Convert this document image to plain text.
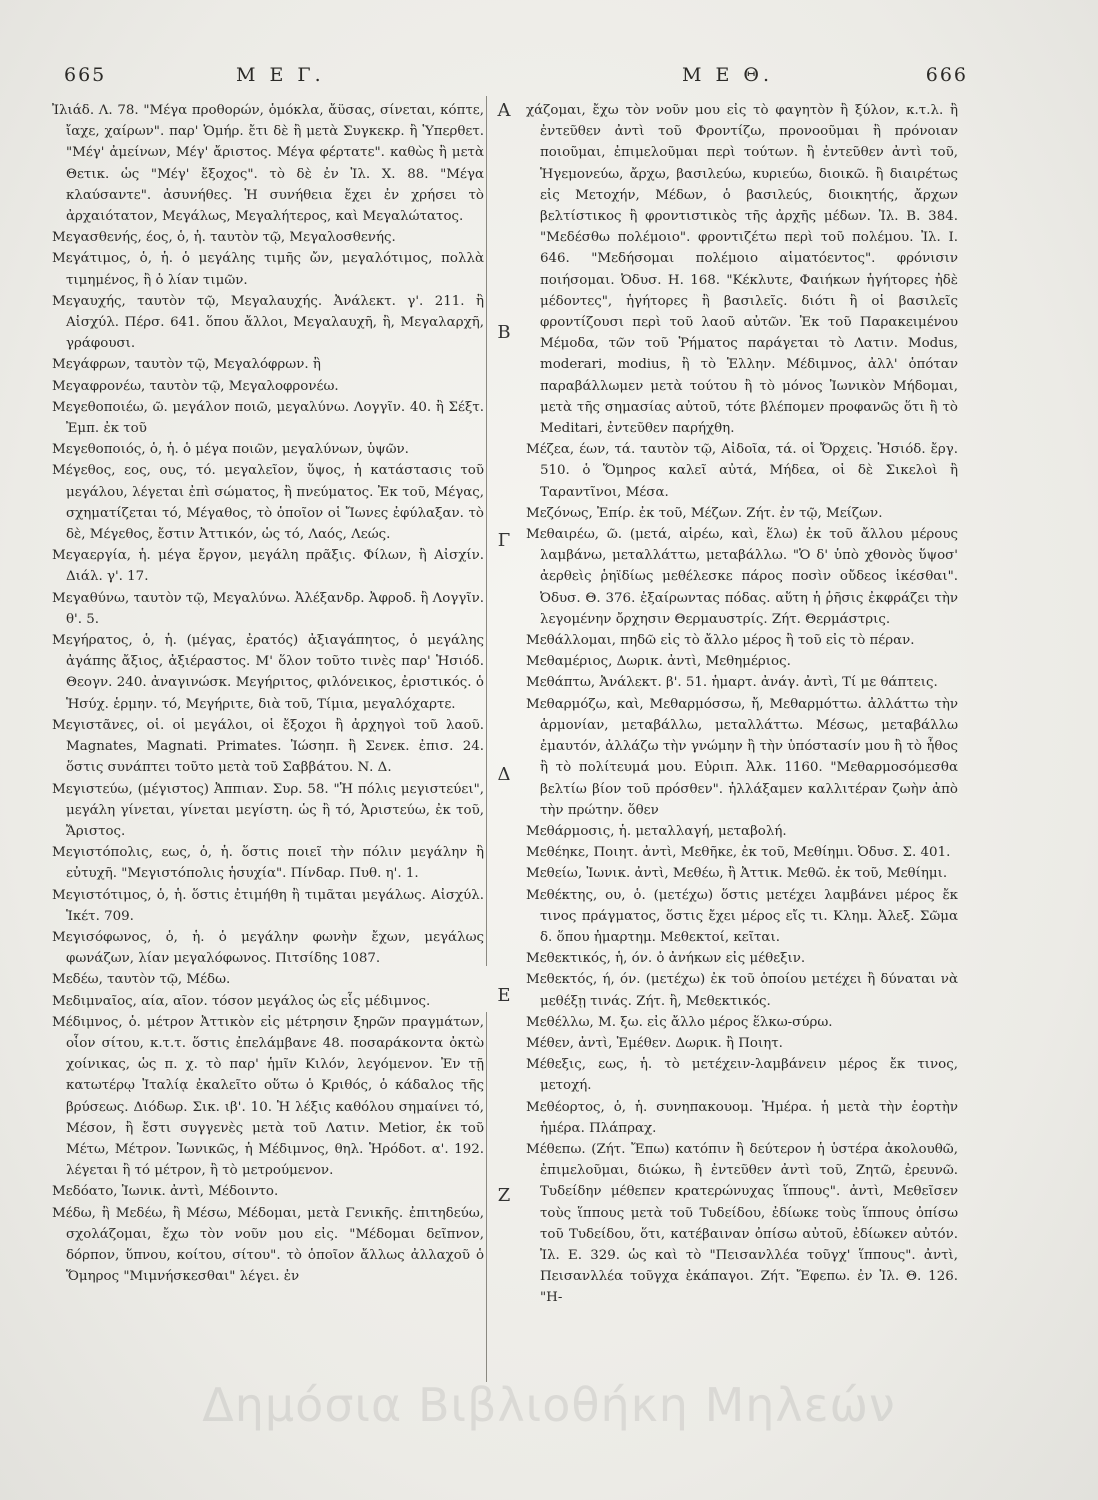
665	Μ Ε Γ.	Μ Ε Θ.	666

Ἰλιάδ. Λ. 78. "Μέγα προθορών, ὁμόκλα, ἄϋσας, σίνεται, κόπτε, ἴαχε, χαίρων". παρ' Ὁμήρ. ἔτι δὲ ἢ μετὰ Συγκεκρ. ἢ Ὑπερθετ. "Μέγ' ἀμείνων, Μέγ' ἄριστος. Μέγα φέρτατε". καθὼς ἢ μετὰ Θετικ. ὡς "Μέγ' ἔξοχος". τὸ δὲ ἐν Ἰλ. Χ. 88. "Μέγα κλαύσαντε". ἀσυνήθες. Ἡ συνήθεια ἔχει ἐν χρήσει τὸ ἀρχαιότατον, Μεγάλως, Μεγαλήτερος, καὶ Μεγαλώτατος.

Μεγασθενής, έος, ὁ, ἡ. ταυτὸν τῷ, Μεγαλοσθενής.

Μεγάτιμος, ὁ, ἡ. ὁ μεγάλης τιμῆς ὤν, μεγαλότιμος, πολλὰ τιμημένος, ἢ ὁ λίαν τιμῶν.

Μεγαυχής, ταυτὸν τῷ, Μεγαλαυχής. Ἀνάλεκτ. γ'. 211. ἢ Αἰσχύλ. Πέρσ. 641. ὅπου ἄλλοι, Μεγαλαυχῆ, ἢ, Μεγαλαρχῆ, γράφουσι.

Μεγάφρων, ταυτὸν τῷ, Μεγαλόφρων. ἢ

Μεγαφρονέω, ταυτὸν τῷ, Μεγαλοφρονέω.

Μεγεθοποιέω, ῶ. μεγάλον ποιῶ, μεγαλύνω. Λογγῖν. 40. ἢ Σέξτ. Ἐμπ. ἐκ τοῦ

Μεγεθοποιός, ὁ, ἡ. ὁ μέγα ποιῶν, μεγαλύνων, ὑψῶν.

Μέγεθος, εος, ους, τό. μεγαλεῖον, ὕψος, ἡ κατάστασις τοῦ μεγάλου, λέγεται ἐπὶ σώματος, ἢ πνεύματος. Ἐκ τοῦ, Μέγας, σχηματίζεται τό, Μέγαθος, τὸ ὁποῖον οἱ Ἴωνες ἐφύλαξαν. τὸ δὲ, Μέγεθος, ἔστιν Ἀττικόν, ὡς τό, Λαός, Λεώς.

Μεγαεργία, ἡ. μέγα ἔργον, μεγάλη πρᾶξις. Φίλων, ἢ Αἰσχίν. Διάλ. γ'. 17.

Μεγαθύνω, ταυτὸν τῷ, Μεγαλύνω. Ἀλέξανδρ. Ἀφροδ. ἢ Λογγῖν. θ'. 5.

Μεγήρατος, ὁ, ἡ. (μέγας, ἐρατός) ἀξιαγάπητος, ὁ μεγάλης ἀγάπης ἄξιος, ἀξιέραστος. Μ' ὅλον τοῦτο τινὲς παρ' Ἡσιόδ. Θεογν. 240. ἀναγινώσκ. Μεγήριτος, φιλόνεικος, ἐριστικός. ὁ Ἡσύχ. ἑρμην. τό, Μεγήριτε, διὰ τοῦ, Τίμια, μεγαλόχαρτε.

Μεγιστᾶνες, οἱ. οἱ μεγάλοι, οἱ ἔξοχοι ἢ ἀρχηγοὶ τοῦ λαοῦ. Magnates, Magnati. Primates. Ἰώσηπ. ἢ Σενεκ. ἐπισ. 24. ὅστις συνάπτει τοῦτο μετὰ τοῦ Σαββάτου. Ν. Δ.

Μεγιστεύω, (μέγιστος) Ἀππιαν. Συρ. 58. "Ἡ πόλις μεγιστεύει", μεγάλη γίνεται, γίνεται μεγίστη. ὡς ἢ τό, Ἀριστεύω, ἐκ τοῦ, Ἄριστος.

Μεγιστόπολις, εως, ὁ, ἡ. ὅστις ποιεῖ τὴν πόλιν μεγάλην ἢ εὐτυχῆ. "Μεγιστόπολις ἡσυχία". Πίνδαρ. Πυθ. η'. 1.

Μεγιστότιμος, ὁ, ἡ. ὅστις ἐτιμήθη ἢ τιμᾶται μεγάλως. Αἰσχύλ. Ἱκέτ. 709.

Μεγισόφωνος, ὁ, ἡ. ὁ μεγάλην φωνὴν ἔχων, μεγάλως φωνάζων, λίαν μεγαλόφωνος. Πιτσίδης 1087.

Μεδέω, ταυτὸν τῷ, Μέδω.

Μεδιμναῖος, αία, αῖον. τόσον μεγάλος ὡς εἷς μέδιμνος.

Μέδιμνος, ὁ. μέτρον Ἀττικὸν εἰς μέτρησιν ξηρῶν πραγμάτων, οἷον σίτου, κ.τ.τ. ὅστις ἐπελάμβανε 48. ποσαράκοντα ὀκτὼ χοίνικας, ὡς π. χ. τὸ παρ' ἡμῖν Κιλόν, λεγόμενον. Ἐν τῇ κατωτέρῳ Ἰταλίᾳ ἐκαλεῖτο οὕτω ὁ Κριθός, ὁ κάδαλος τῆς βρύσεως. Διόδωρ. Σικ. ιβ'. 10. Ἡ λέξις καθόλου σημαίνει τό, Μέσον, ἢ ἔστι συγγενὲς μετὰ τοῦ Λατιν. Metior, ἐκ τοῦ Μέτω, Μέτρον. Ἰωνικῶς, ἡ Μέδιμνος, θηλ. Ἡρόδοτ. α'. 192. λέγεται ἢ τό μέτρον, ἢ τὸ μετρούμενον.

Μεδόατο, Ἰωνικ. ἀντὶ, Μέδοιντο.

Μέδω, ἢ Μεδέω, ἢ Μέσω, Μέδομαι, μετὰ Γενικῆς. ἐπιτηδεύω, σχολάζομαι, ἔχω τὸν νοῦν μου εἰς. "Μέδομαι δεῖπνον, δόρπον, ὕπνου, κοίτου, σίτου". τὸ ὁποῖον ἄλλως ἀλλαχοῦ ὁ Ὅμηρος "Μιμνήσκεσθαι" λέγει. ἐν

Α
Β
Γ
Δ
Ε
Ζ

χάζομαι, ἔχω τὸν νοῦν μου εἰς τὸ φαγητὸν ἢ ξύλον, κ.τ.λ. ἢ ἐντεῦθεν ἀντὶ τοῦ Φροντίζω, προνοοῦμαι ἢ πρόνοιαν ποιοῦμαι, ἐπιμελοῦμαι περὶ τούτων. ἢ ἐντεῦθεν ἀντὶ τοῦ, Ἡγεμονεύω, ἄρχω, βασιλεύω, κυριεύω, διοικῶ. ἢ διαιρέτως εἰς Μετοχήν, Μέδων, ὁ βασιλεύς, διοικητής, ἄρχων βελτίστικος ἢ φροντιστικὸς τῆς ἀρχῆς μέδων. Ἰλ. Β. 384. "Μεδέσθω πολέμοιο". φροντιζέτω περὶ τοῦ πολέμου. Ἰλ. Ι. 646. "Μεδήσομαι πολέμοιο αἱματόεντος". φρόνισιν ποιήσομαι. Ὀδυσ. Η. 168. "Κέκλυτε, Φαιήκων ἡγήτορες ἠδὲ μέδοντες", ἡγήτορες ἢ βασιλεῖς. διότι ἢ οἱ βασιλεῖς φροντίζουσι περὶ τοῦ λαοῦ αὐτῶν. Ἐκ τοῦ Παρακειμένου Μέμοδα, τῶν τοῦ Ῥήματος παράγεται τὸ Λατιν. Modus, moderari, modius, ἢ τὸ Ἑλλην. Μέδιμνος, ἀλλ' ὁπόταν παραβάλλωμεν μετὰ τούτου ἢ τὸ μόνος Ἰωνικὸν Μήδομαι, μετὰ τῆς σημασίας αὐτοῦ, τότε βλέπομεν προφανῶς ὅτι ἢ τὸ Meditari, ἐντεῦθεν παρήχθη.

Μέζεα, έων, τά. ταυτὸν τῷ, Αἰδοῖα, τά. οἱ Ὄρχεις. Ἡσιόδ. ἔργ. 510. ὁ Ὅμηρος καλεῖ αὐτά, Μήδεα, οἱ δὲ Σικελοὶ ἢ Ταραντῖνοι, Μέσα.

Μεζόνως, Ἐπίρ. ἐκ τοῦ, Μέζων. Ζήτ. ἐν τῷ, Μείζων.

Μεθαιρέω, ῶ. (μετά, αἱρέω, καὶ, ἕλω) ἐκ τοῦ ἄλλου μέρους λαμβάνω, μεταλλάττω, μεταβάλλω. "Ὁ δ' ὑπὸ χθονὸς ὕψοσ' ἀερθεὶς ῥηϊδίως μεθέλεσκε πάρος ποσὶν οὔδεος ἱκέσθαι". Ὀδυσ. Θ. 376. ἐξαίρωντας πόδας. αὕτη ἡ ῥῆσις ἐκφράζει τὴν λεγομένην ὄρχησιν Θερμαυστρίς. Ζήτ. Θερμάστρις.

Μεθάλλομαι, πηδῶ εἰς τὸ ἄλλο μέρος ἢ τοῦ εἰς τὸ πέραν.

Μεθαμέριος, Δωρικ. ἀντὶ, Μεθημέριος.

Μεθάπτω, Ἀνάλεκτ. β'. 51. ἡμαρτ. ἀνάγ. ἀντὶ, Τί με θάπτεις.

Μεθαρμόζω, καὶ, Μεθαρμόσσω, ἤ, Μεθαρμόττω. ἀλλάττω τὴν ἁρμονίαν, μεταβάλλω, μεταλλάττω. Μέσως, μεταβάλλω ἐμαυτόν, ἀλλάζω τὴν γνώμην ἢ τὴν ὑπόστασίν μου ἢ τὸ ἦθος ἢ τὸ πολίτευμά μου. Εὐριπ. Ἀλκ. 1160. "Μεθαρμοσόμεσθα βελτίω βίον τοῦ πρόσθεν". ἠλλάξαμεν καλλιτέραν ζωὴν ἀπὸ τὴν πρώτην. ὅθεν

Μεθάρμοσις, ἡ. μεταλλαγή, μεταβολή.

Μεθέηκε, Ποιητ. ἀντὶ, Μεθῆκε, ἐκ τοῦ, Μεθίημι. Ὀδυσ. Σ. 401.

Μεθείω, Ἰωνικ. ἀντὶ, Μεθέω, ἢ Ἀττικ. Μεθῶ. ἐκ τοῦ, Μεθίημι.

Μεθέκτης, ου, ὁ. (μετέχω) ὅστις μετέχει λαμβάνει μέρος ἔκ τινος πράγματος, ὅστις ἔχει μέρος εἴς τι. Κλημ. Ἀλεξ. Σῶμα δ. ὅπου ἡμαρτημ. Μεθεκτοί, κεῖται.

Μεθεκτικός, ἡ, όν. ὁ ἀνήκων εἰς μέθεξιν.

Μεθεκτός, ή, όν. (μετέχω) ἐκ τοῦ ὁποίου μετέχει ἢ δύναται νὰ μεθέξῃ τινάς. Ζήτ. ἢ, Μεθεκτικός.

Μεθέλλω, Μ. ξω. εἰς ἄλλο μέρος ἕλκω-σύρω.

Μέθεν, ἀντὶ, Ἐμέθεν. Δωρικ. ἢ Ποιητ.

Μέθεξις, εως, ἡ. τὸ μετέχειν-λαμβάνειν μέρος ἔκ τινος, μετοχή.

Μεθέορτος, ὁ, ἡ. συνηπακουομ. Ἡμέρα. ἡ μετὰ τὴν ἑορτὴν ἡμέρα. Πλάπραχ.

Μέθεπω. (Ζήτ. Ἔπω) κατόπιν ἢ δεύτερον ἡ ὑστέρα ἀκολουθῶ, ἐπιμελοῦμαι, διώκω, ἢ ἐντεῦθεν ἀντὶ τοῦ, Ζητῶ, ἐρευνῶ. Τυδείδην μέθεπεν κρατερώνυχας ἵππους". ἀντὶ, Μεθεῖσεν τοὺς ἵππους μετὰ τοῦ Τυδείδου, ἐδίωκε τοὺς ἵππους ὀπίσω τοῦ Τυδείδου, ὅτι, κατέβαιναν ὀπίσω αὐτοῦ, ἐδίωκεν αὐτόν. Ἰλ. Ε. 329. ὡς καὶ τὸ "Πεισανλλέα τοῦγχ' ἵππους". ἀντὶ, Πεισανλλέα τοῦγχα ἐκάπαγοι. Ζήτ. Ἔφεπω. ἐν Ἰλ. Θ. 126. "Η-

Δημόσια Βιβλιοθήκη Μηλεών
